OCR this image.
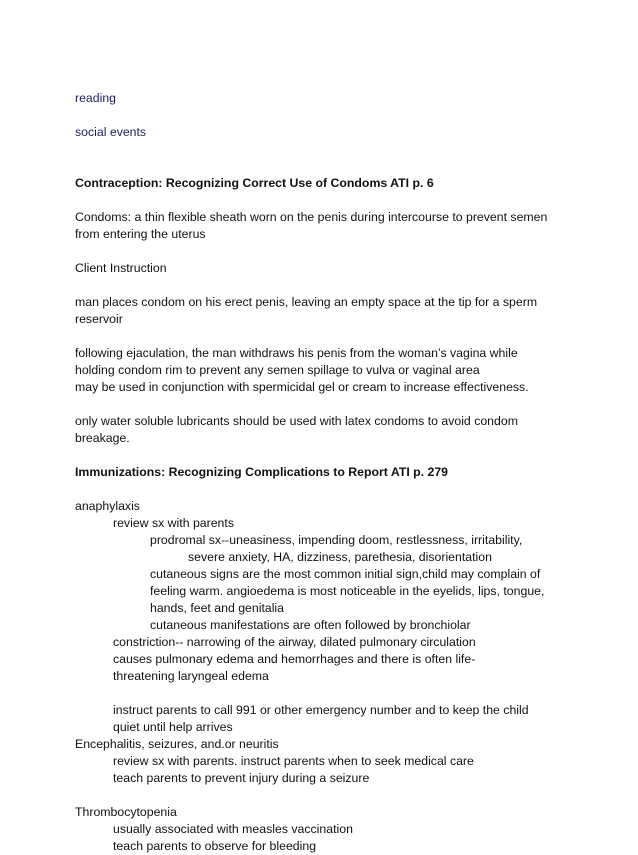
reading
social events
Contraception: Recognizing Correct Use of Condoms ATI p. 6
Condoms: a thin flexible sheath worn on the penis during intercourse to prevent semen
from entering the uterus
Client Instruction
man places condom on his erect penis, leaving an empty space at the tip for a sperm
reservoir
following ejaculation, the man withdraws his penis from the woman’s vagina while
holding condom rim to prevent any semen spillage to vulva or vaginal area
may be used in conjunction with spermicidal gel or cream to increase effectiveness.
only water soluble lubricants should be used with latex condoms to avoid condom
breakage.
Immunizations: Recognizing Complications to Report ATI p. 279
anaphylaxis
review sx with parents
prodromal sx--uneasiness, impending doom, restlessness, irritability,
severe anxiety, HA, dizziness, parethesia, disorientation
cutaneous signs are the most common initial sign,child may complain of
feeling warm. angioedema is most noticeable in the eyelids, lips, tongue,
hands, feet and genitalia
cutaneous manifestations are often followed by bronchiolar
constriction-- narrowing of the airway, dilated pulmonary circulation
causes pulmonary edema and hemorrhages and there is often life-
threatening laryngeal edema
instruct parents to call 991 or other emergency number and to keep the child
quiet until help arrives
Encephalitis, seizures, and.or neuritis
review sx with parents. instruct parents when to seek medical care
teach parents to prevent injury during a seizure
Thrombocytopenia
usually associated with measles vaccination
teach parents to observe for bleeding
